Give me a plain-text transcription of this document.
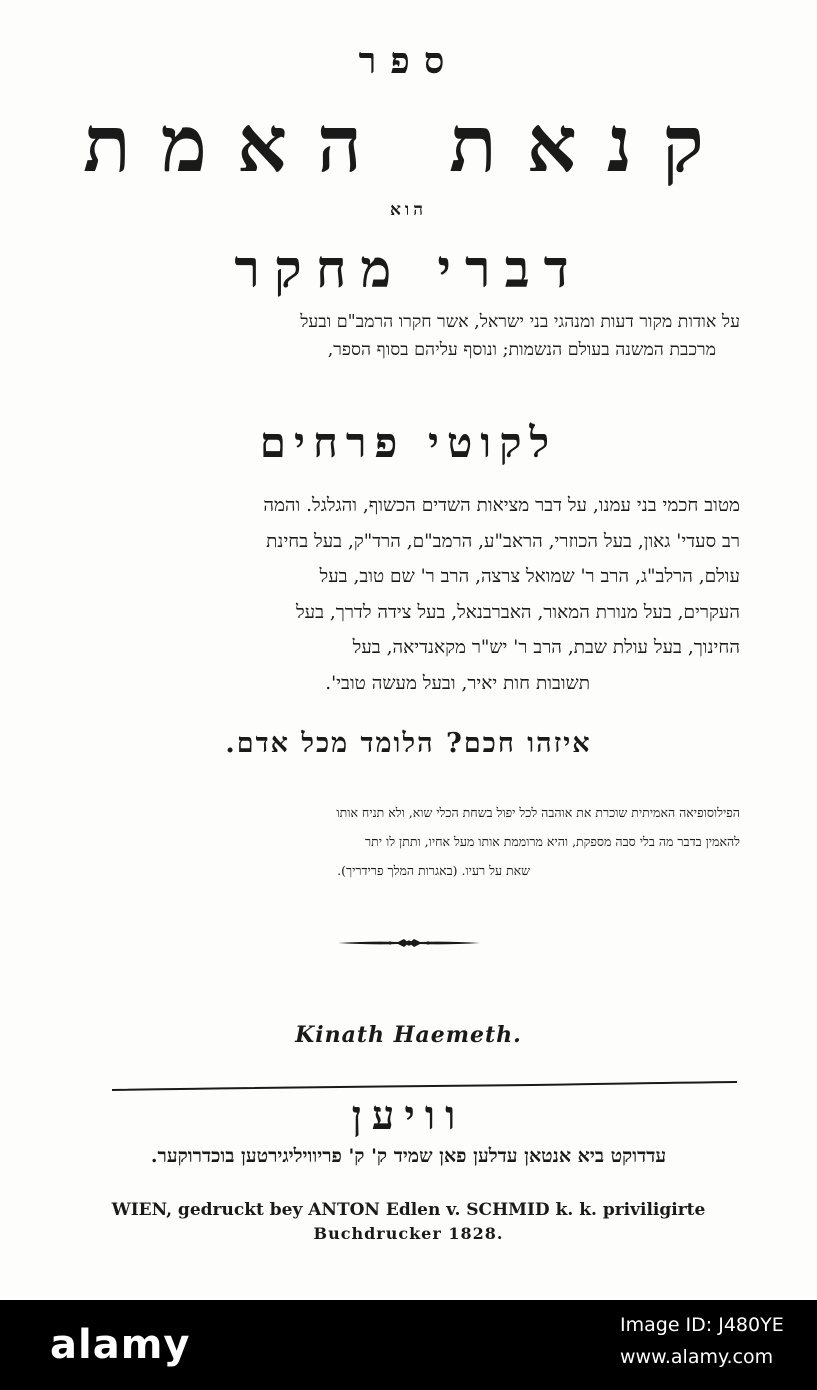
ספר
קנאת האמת
הוא
דברי מחקר
על אודות מקור דעות ומנהגי בני ישראל, אשר חקרו הרמב"ם ובעל
מרכבת המשנה בעולם הנשמות; ונוסף עליהם בסוף הספר,
לקוטי פרחים
מטוב חכמי בני עמנו, על דבר מציאות השדים הכשוף, והגלגל. והמה
רב סעדי' גאון, בעל הכוזרי, הראב"ע, הרמב"ם, הרד"ק, בעל בחינת
עולם, הרלב"ג, הרב ר' שמואל צרצה, הרב ר' שם טוב, בעל
העקרים, בעל מנורת המאור, האברבנאל, בעל צידה לדרך, בעל
החינוך, בעל עולת שבת, הרב ר' יש"ר מקאנדיאה, בעל
תשובות חות יאיר, ובעל מעשה טובי'.
איזהו חכם? הלומד מכל אדם.
הפילוסופיאה האמיתית שוכרת את אוהבה לכל יפול בשחת הכלי שוא, ולא תניח אותו
להאמין בדבר מה בלי סבה מספקת, והיא מרוממת אותו מעל אחיו, ותתן לו יתר
שאת על רעיו. (באגרות המלך פרידריך).
Kinath Haemeth.
וויען
עדדוקט ביא אנטאן עדלען פאן שמיד ק' ק' פריוויליגירטען בוכדרוקער.
WIEN, gedruckt bey ANTON Edlen v. SCHMID k. k. priviligirte
Buchdrucker 1828.
alamy	Image ID: J480YE
www.alamy.com
